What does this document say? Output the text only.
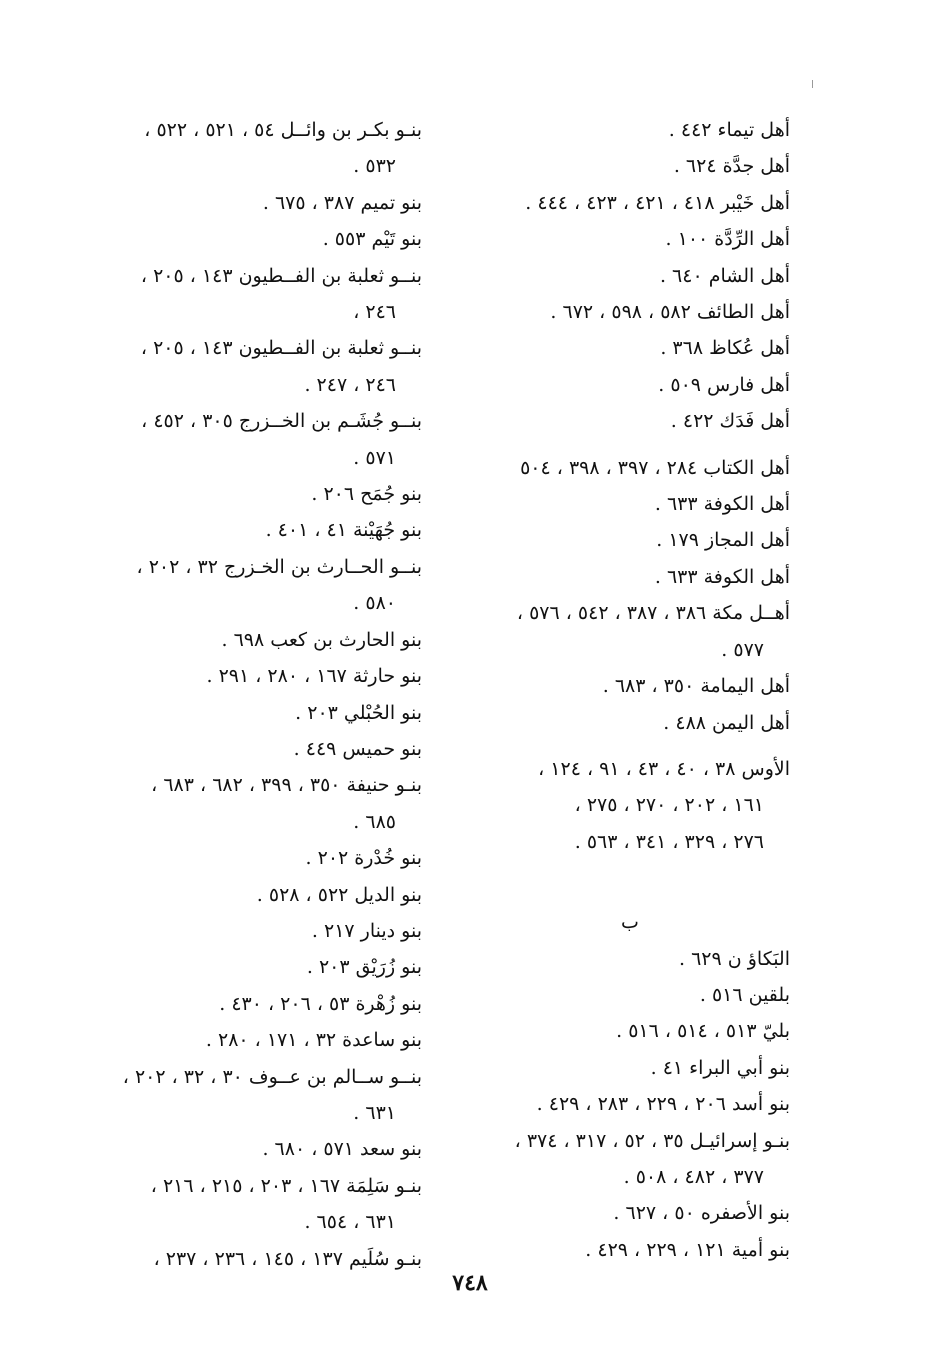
أهل تيماء ٤٤٢ .
أهل جدَّة ٦٢٤ .
أهل خَيْبر ٤١٨ ، ٤٢١ ، ٤٢٣ ، ٤٤٤ .
أهل الرِّدَّة ١٠٠ .
أهل الشام ٦٤٠ .
أهل الطائف ٥٨٢ ، ٥٩٨ ، ٦٧٢ .
أهل عُكاظ ٣٦٨ .
أهل فارس ٥٠٩ .
أهل فَدَك ٤٢٢ .
أهل الكتاب ٢٨٤ ، ٣٩٧ ، ٣٩٨ ، ٥٠٤
أهل الكوفة ٦٣٣ .
أهل المجاز ١٧٩ .
أهل الكوفة ٦٣٣ .
أهــل مكة ٣٨٦ ، ٣٨٧ ، ٥٤٢ ، ٥٧٦ ،
٥٧٧ .
أهل اليمامة ٣٥٠ ، ٦٨٣ .
أهل اليمن ٤٨٨ .
الأوس ٣٨ ، ٤٠ ، ٤٣ ، ٩١ ، ١٢٤ ،
١٦١ ، ٢٠٢ ، ٢٧٠ ، ٢٧٥ ،
٢٧٦ ، ٣٢٩ ، ٣٤١ ، ٥٦٣ .
ب
البَكاؤ ن ٦٢٩ .
بلقين ٥١٦ .
بليّ ٥١٣ ، ٥١٤ ، ٥١٦ .
بنو أبي البراء ٤١ .
بنو أسد ٢٠٦ ، ٢٢٩ ، ٢٨٣ ، ٤٢٩ .
بنـو إسرائيـل ٣٥ ، ٥٢ ، ٣١٧ ، ٣٧٤ ،
٣٧٧ ، ٤٨٢ ، ٥٠٨ .
بنو الأصفره ٥٠ ، ٦٢٧ .
بنو أمية ١٢١ ، ٢٢٩ ، ٤٢٩ .
بنـو بكـر بن وائــل ٥٤ ، ٥٢١ ، ٥٢٢ ،
٥٣٢ .
بنو تميم ٣٨٧ ، ٦٧٥ .
بنو تَيْم ٥٥٣ .
بنــو ثعلبة بن الفــطيون ١٤٣ ، ٢٠٥ ،
٢٤٦ ،
بنــو ثعلبة بن الفــطيون ١٤٣ ، ٢٠٥ ،
٢٤٦ ، ٢٤٧ .
بنــو جُشَـم بن الخــزرج ٣٠٥ ، ٤٥٢ ،
٥٧١ .
بنو جُمَح ٢٠٦ .
بنو جُهَيْنة ٤١ ، ٤٠١ .
بنــو الحــارث بن الخـزرج ٣٢ ، ٢٠٢ ،
٥٨٠ .
بنو الحارث بن كعب ٦٩٨ .
بنو حارثة ١٦٧ ، ٢٨٠ ، ٢٩١ .
بنو الحُبْلي ٢٠٣ .
بنو حميس ٤٤٩ .
بنـو حنيفة ٣٥٠ ، ٣٩٩ ، ٦٨٢ ، ٦٨٣ ،
٦٨٥ .
بنو خُدْرة ٢٠٢ .
بنو الديل ٥٢٢ ، ٥٢٨ .
بنو دينار ٢١٧ .
بنو زُرَيْق ٢٠٣ .
بنو زُهْرة ٥٣ ، ٢٠٦ ، ٤٣٠ .
بنو ساعدة ٣٢ ، ١٧١ ، ٢٨٠ .
بنــو ســالم بن عــوف ٣٠ ، ٣٢ ، ٢٠٢ ،
٦٣١ .
بنو سعد ٥٧١ ، ٦٨٠ .
بنـو سَلِمَة ١٦٧ ، ٢٠٣ ، ٢١٥ ، ٢١٦ ،
٦٣١ ، ٦٥٤ .
بنـو سُلَيم ١٣٧ ، ١٤٥ ، ٢٣٦ ، ٢٣٧ ،
٧٤٨
